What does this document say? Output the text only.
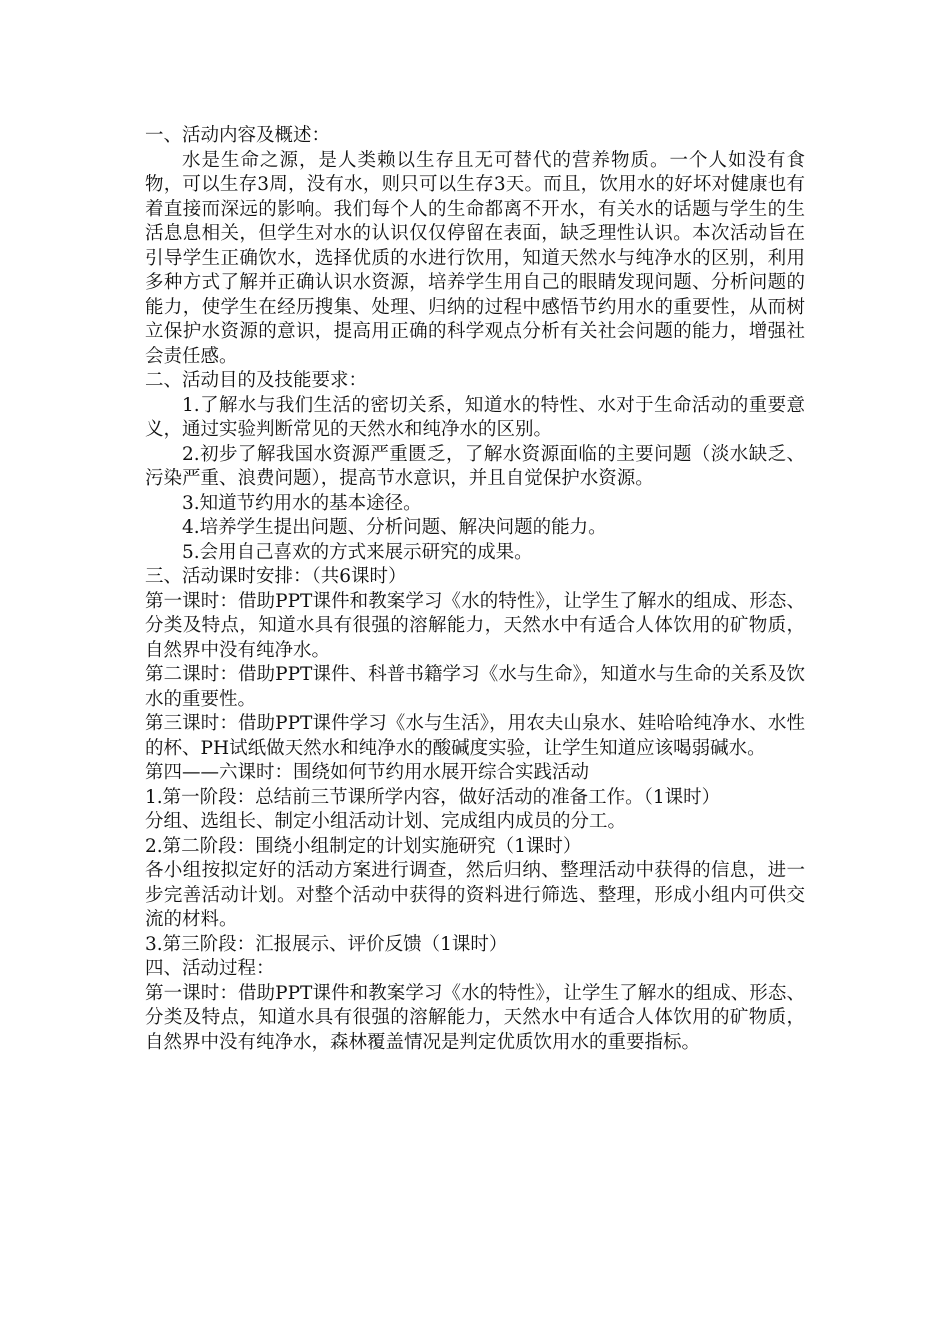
一、活动内容及概述：

水是生命之源，是人类赖以生存且无可替代的营养物质。一个人如没有食物，可以生存3周，没有水，则只可以生存3天。而且，饮用水的好坏对健康也有着直接而深远的影响。我们每个人的生命都离不开水，有关水的话题与学生的生活息息相关，但学生对水的认识仅仅停留在表面，缺乏理性认识。本次活动旨在引导学生正确饮水，选择优质的水进行饮用，知道天然水与纯净水的区别，利用多种方式了解并正确认识水资源，培养学生用自己的眼睛发现问题、分析问题的能力，使学生在经历搜集、处理、归纳的过程中感悟节约用水的重要性，从而树立保护水资源的意识，提高用正确的科学观点分析有关社会问题的能力，增强社会责任感。

二、活动目的及技能要求：

1.了解水与我们生活的密切关系，知道水的特性、水对于生命活动的重要意义，通过实验判断常见的天然水和纯净水的区别。

2.初步了解我国水资源严重匮乏，了解水资源面临的主要问题（淡水缺乏、污染严重、浪费问题），提高节水意识，并且自觉保护水资源。

3.知道节约用水的基本途径。

4.培养学生提出问题、分析问题、解决问题的能力。

5.会用自己喜欢的方式来展示研究的成果。

三、活动课时安排：（共6课时）

第一课时：借助PPT课件和教案学习《水的特性》，让学生了解水的组成、形态、分类及特点，知道水具有很强的溶解能力，天然水中有适合人体饮用的矿物质，自然界中没有纯净水。

第二课时：借助PPT课件、科普书籍学习《水与生命》，知道水与生命的关系及饮水的重要性。

第三课时：借助PPT课件学习《水与生活》，用农夫山泉水、娃哈哈纯净水、水性的杯、PH试纸做天然水和纯净水的酸碱度实验，让学生知道应该喝弱碱水。

第四——六课时：围绕如何节约用水展开综合实践活动

1.第一阶段：总结前三节课所学内容，做好活动的准备工作。（1课时）

分组、选组长、制定小组活动计划、完成组内成员的分工。

2.第二阶段：围绕小组制定的计划实施研究（1课时）

各小组按拟定好的活动方案进行调查，然后归纳、整理活动中获得的信息，进一步完善活动计划。对整个活动中获得的资料进行筛选、整理，形成小组内可供交流的材料。

3.第三阶段：汇报展示、评价反馈（1课时）

四、活动过程：

第一课时：借助PPT课件和教案学习《水的特性》，让学生了解水的组成、形态、分类及特点，知道水具有很强的溶解能力，天然水中有适合人体饮用的矿物质，自然界中没有纯净水，森林覆盖情况是判定优质饮用水的重要指标。
